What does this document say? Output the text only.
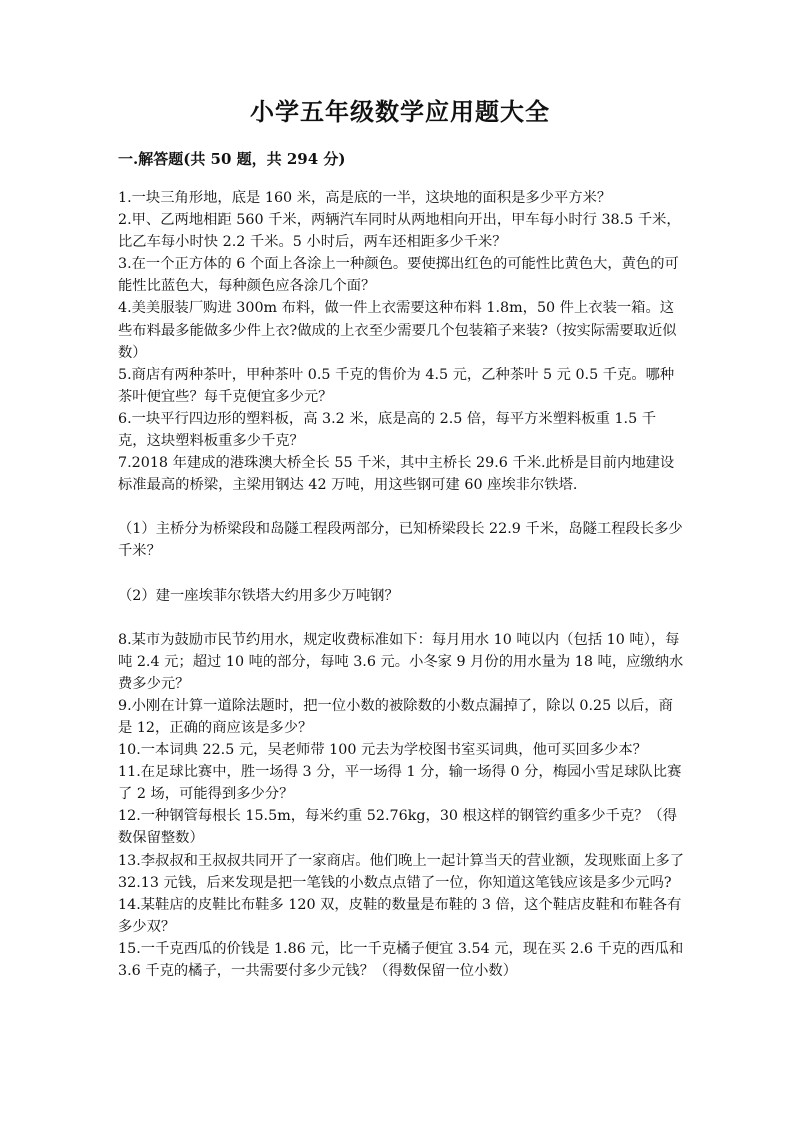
小学五年级数学应用题大全
一.解答题(共 50 题，共 294 分)

1.一块三角形地，底是 160 米，高是底的一半，这块地的面积是多少平方米？

2.甲、乙两地相距 560 千米，两辆汽车同时从两地相向开出，甲车每小时行 38.5 千米，比乙车每小时快 2.2 千米。5 小时后，两车还相距多少千米？

3.在一个正方体的 6 个面上各涂上一种颜色。要使掷出红色的可能性比黄色大，黄色的可能性比蓝色大，每种颜色应各涂几个面？

4.美美服装厂购进 300m 布料，做一件上衣需要这种布料 1.8m，50 件上衣装一箱。这些布料最多能做多少件上衣?做成的上衣至少需要几个包装箱子来装?（按实际需要取近似数）

5.商店有两种茶叶，甲种茶叶 0.5 千克的售价为 4.5 元，乙种茶叶 5 元 0.5 千克。哪种茶叶便宜些？每千克便宜多少元？

6.一块平行四边形的塑料板，高 3.2 米，底是高的 2.5 倍，每平方米塑料板重 1.5 千克，这块塑料板重多少千克？

7.2018 年建成的港珠澳大桥全长 55 千米，其中主桥长 29.6 千米.此桥是目前内地建设标准最高的桥梁，主梁用钢达 42 万吨，用这些钢可建 60 座埃非尔铁塔.

（1）主桥分为桥梁段和岛隧工程段两部分，已知桥梁段长 22.9 千米，岛隧工程段长多少千米？

（2）建一座埃菲尔铁塔大约用多少万吨钢？

8.某市为鼓励市民节约用水，规定收费标准如下：每月用水 10 吨以内（包括 10 吨），每吨 2.4 元；超过 10 吨的部分，每吨 3.6 元。小冬家 9 月份的用水量为 18 吨，应缴纳水费多少元？

9.小刚在计算一道除法题时，把一位小数的被除数的小数点漏掉了，除以 0.25 以后，商是 12，正确的商应该是多少？

10.一本词典 22.5 元，吴老师带 100 元去为学校图书室买词典，他可买回多少本？

11.在足球比赛中，胜一场得 3 分，平一场得 1 分，输一场得 0 分，梅园小雪足球队比赛了 2 场，可能得到多少分？

12.一种钢管每根长 15.5m，每米约重 52.76kg，30 根这样的钢管约重多少千克？（得数保留整数）

13.李叔叔和王叔叔共同开了一家商店。他们晚上一起计算当天的营业额，发现账面上多了 32.13 元钱，后来发现是把一笔钱的小数点点错了一位，你知道这笔钱应该是多少元吗?

14.某鞋店的皮鞋比布鞋多 120 双，皮鞋的数量是布鞋的 3 倍，这个鞋店皮鞋和布鞋各有多少双？

15.一千克西瓜的价钱是 1.86 元，比一千克橘子便宜 3.54 元，现在买 2.6 千克的西瓜和 3.6 千克的橘子，一共需要付多少元钱？（得数保留一位小数）
